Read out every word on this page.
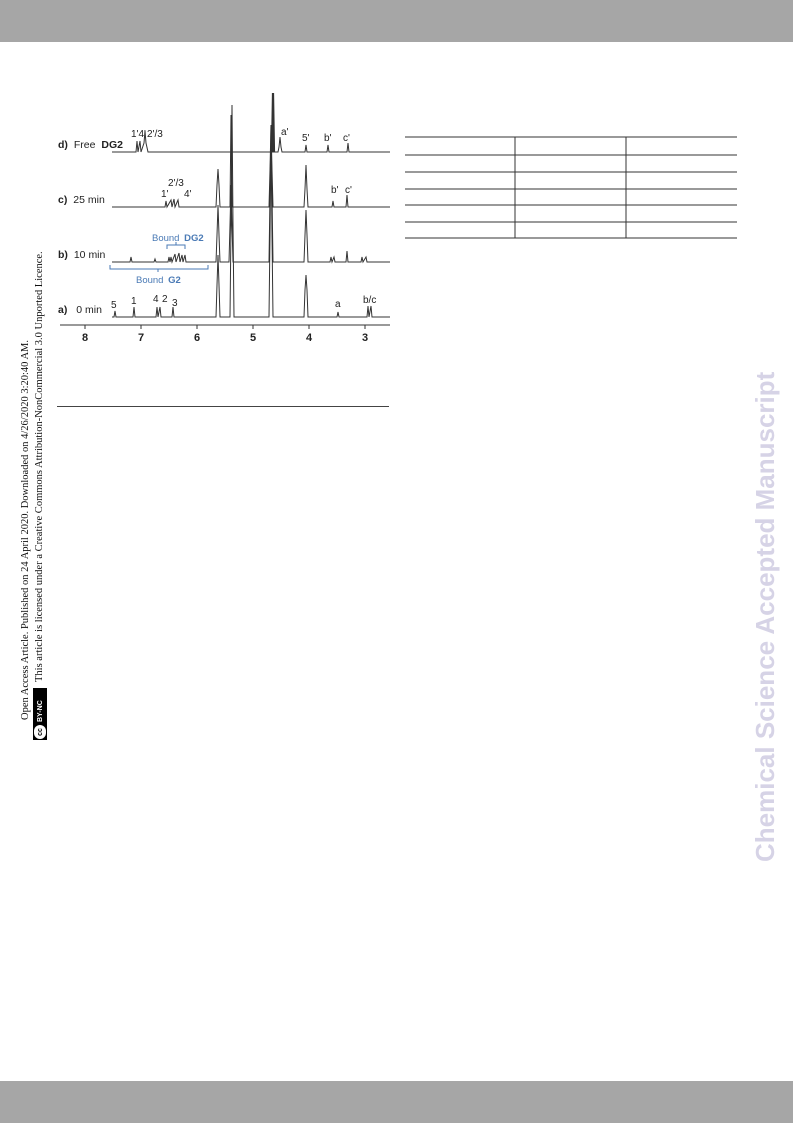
Open Access Article. Published on 24 April 2020. Downloaded on 4/26/2020 3:20:40 AM.
cc
BY-NC
This article is licensed under a Creative Commons Attribution-NonCommercial 3.0 Unported Licence.	Chemical Science Accepted Manuscript
8	7	6	5	4	3
d) Free DG2
c) 25 min
b) 10 min
a) 0 min
1'4' 2'/3	a'
5' b' c'
1'
2'/3
4'	b' c'
5 1 4 2 3	a b/c
Bound DG2
Bound G2
